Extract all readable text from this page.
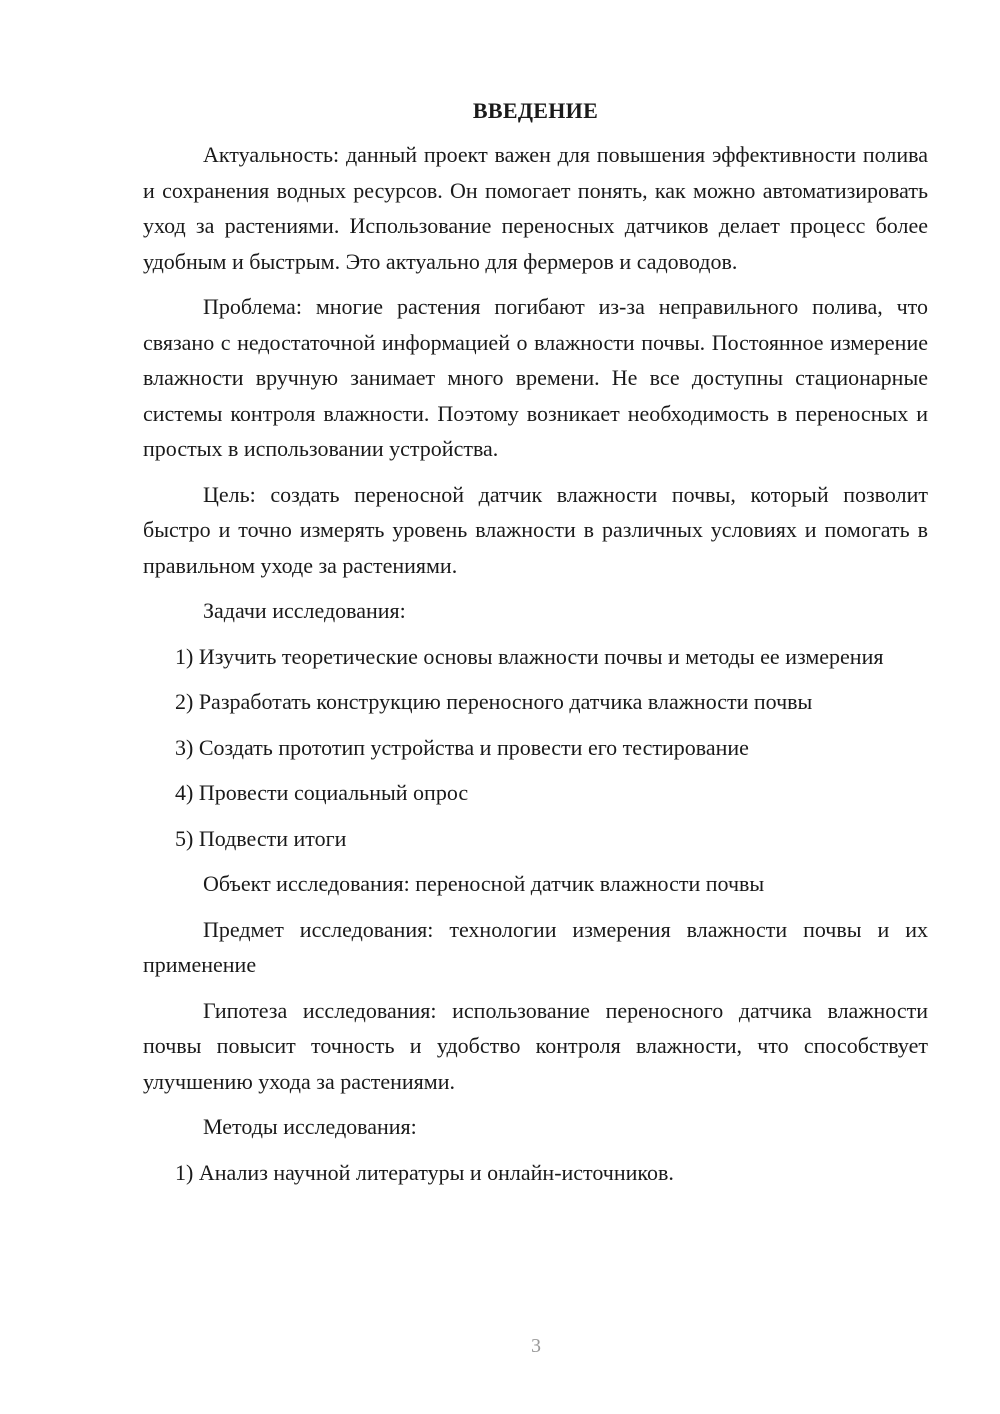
ВВЕДЕНИЕ

Актуальность: данный проект важен для повышения эффективности полива и сохранения водных ресурсов. Он помогает понять, как можно автоматизировать уход за растениями. Использование переносных датчиков делает процесс более удобным и быстрым. Это актуально для фермеров и садоводов.

Проблема: многие растения погибают из-за неправильного полива, что связано с недостаточной информацией о влажности почвы. Постоянное измерение влажности вручную занимает много времени. Не все доступны стационарные системы контроля влажности. Поэтому возникает необходимость в переносных и простых в использовании устройства.

Цель: создать переносной датчик влажности почвы, который позволит быстро и точно измерять уровень влажности в различных условиях и помогать в правильном уходе за растениями.

Задачи исследования:

1) Изучить теоретические основы влажности почвы и методы ее измерения

2) Разработать конструкцию переносного датчика влажности почвы

3) Создать прототип устройства и провести его тестирование

4) Провести социальный опрос

5) Подвести итоги

Объект исследования: переносной датчик влажности почвы

Предмет исследования: технологии измерения влажности почвы и их применение

Гипотеза исследования: использование переносного датчика влажности почвы повысит точность и удобство контроля влажности, что способствует улучшению ухода за растениями.

Методы исследования:

1) Анализ научной литературы и онлайн-источников.

3
